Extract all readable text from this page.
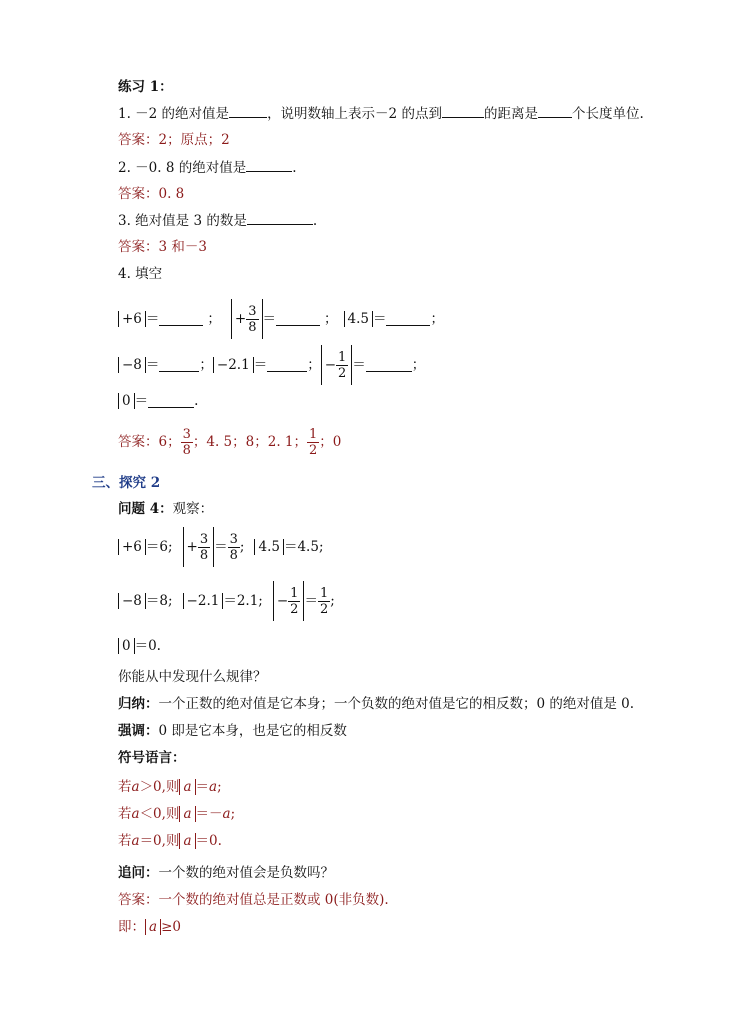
练习 1：
1. －2 的绝对值是	，说明数轴上表示－2 的点到	的距离是	个长度单位.
答案：2；原点；2
2. －0. 8 的绝对值是	.
答案：0. 8
3. 绝对值是 3 的数是	.
答案：3 和－3
4. 填空
+6 ＝	； + $\frac{3}{8}$ ＝	； 4.5 ＝	；
−8 ＝	； −2.1 ＝	； − $\frac{1}{2}$ ＝	；
0 ＝	.
答案：6； $\frac{3}{8}$ ；4. 5；8；2. 1； $\frac{1}{2}$ ；0
三、探究 2
问题 4：观察：
+6 ＝ 6; + $\frac{3}{8} = \frac{3}{8}$ ; 4.5 ＝ 4.5;
−8 ＝ 8; −2.1 ＝ 2.1; − $\frac{1}{2} = \frac{1}{2}$ ;
0 ＝ 0.
你能从中发现什么规律？
归纳：一个正数的绝对值是它本身；一个负数的绝对值是它的相反数；0 的绝对值是 0.
强调：0 即是它本身，也是它的相反数
符号语言：
若a＞0,则 a ＝a;
若a＜0,则 a ＝－a;
若a＝0,则 a ＝0.
追问：一个数的绝对值会是负数吗？
答案：一个数的绝对值总是正数或 0(非负数).
即： a ≥0
